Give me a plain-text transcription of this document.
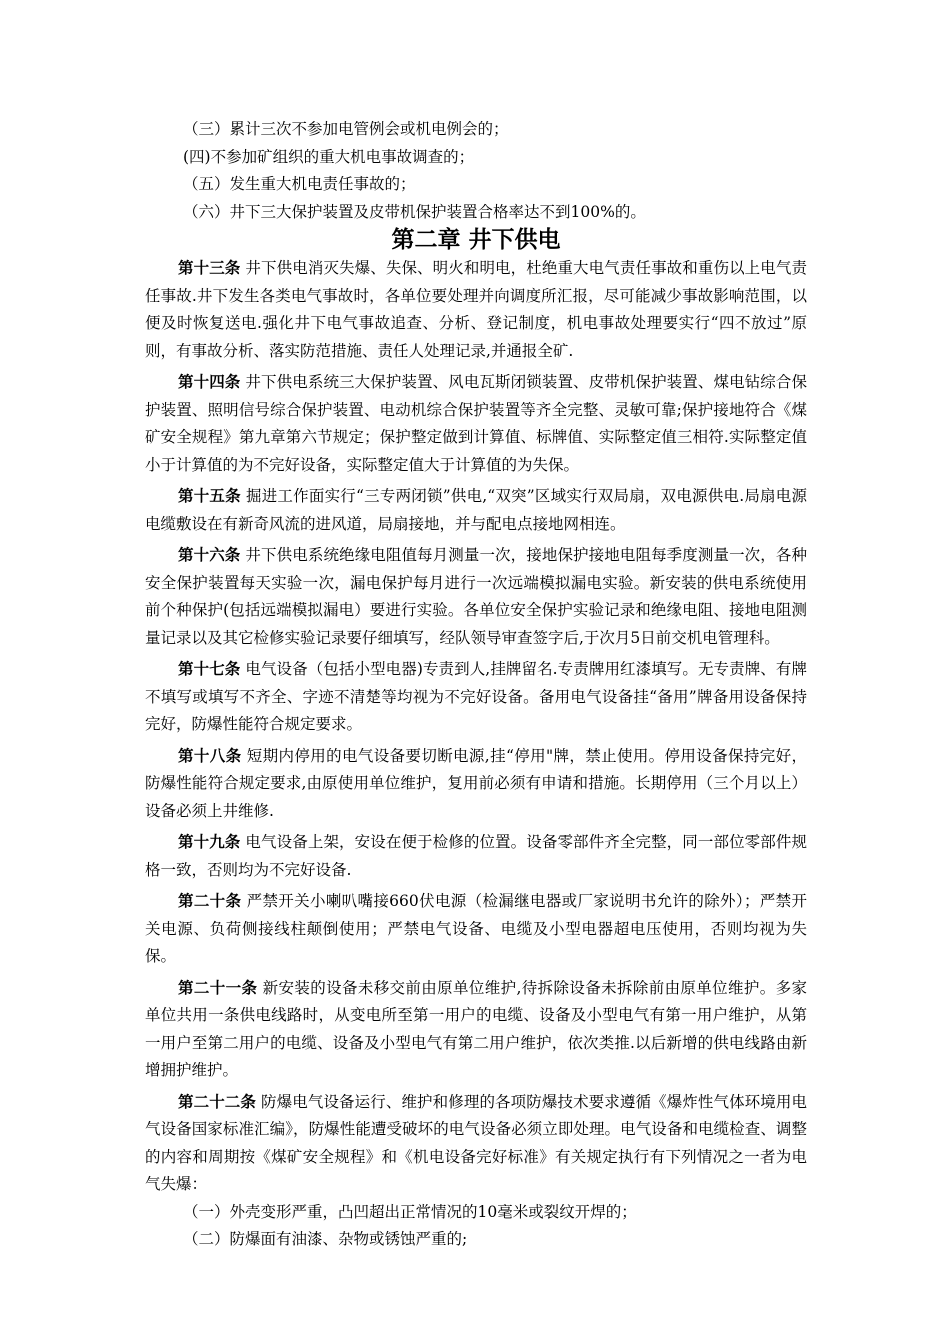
（三）累计三次不参加电管例会或机电例会的；

(四)不参加矿组织的重大机电事故调查的；

（五）发生重大机电责任事故的；

（六）井下三大保护装置及皮带机保护装置合格率达不到100%的。

第二章 井下供电

第十三条 井下供电消灭失爆、失保、明火和明电，杜绝重大电气责任事故和重伤以上电气责任事故.井下发生各类电气事故时，各单位要处理并向调度所汇报，尽可能减少事故影响范围，以便及时恢复送电.强化井下电气事故追查、分析、登记制度，机电事故处理要实行“四不放过”原则，有事故分析、落实防范措施、责任人处理记录,并通报全矿.

第十四条 井下供电系统三大保护装置、风电瓦斯闭锁装置、皮带机保护装置、煤电钻综合保护装置、照明信号综合保护装置、电动机综合保护装置等齐全完整、灵敏可靠;保护接地符合《煤矿安全规程》第九章第六节规定；保护整定做到计算值、标牌值、实际整定值三相符.实际整定值小于计算值的为不完好设备，实际整定值大于计算值的为失保。

第十五条 掘进工作面实行“三专两闭锁”供电,“双突”区域实行双局扇，双电源供电.局扇电源电缆敷设在有新奇风流的进风道，局扇接地，并与配电点接地网相连。

第十六条 井下供电系统绝缘电阻值每月测量一次，接地保护接地电阻每季度测量一次，各种安全保护装置每天实验一次，漏电保护每月进行一次远端模拟漏电实验。新安装的供电系统使用前个种保护(包括远端模拟漏电）要进行实验。各单位安全保护实验记录和绝缘电阻、接地电阻测量记录以及其它检修实验记录要仔细填写，经队领导审查签字后,于次月5日前交机电管理科。

第十七条 电气设备（包括小型电器)专责到人,挂牌留名.专责牌用红漆填写。无专责牌、有牌不填写或填写不齐全、字迹不清楚等均视为不完好设备。备用电气设备挂“备用”牌备用设备保持完好，防爆性能符合规定要求。

第十八条 短期内停用的电气设备要切断电源,挂“停用"牌，禁止使用。停用设备保持完好，防爆性能符合规定要求,由原使用单位维护，复用前必须有申请和措施。长期停用（三个月以上）设备必须上井维修.

第十九条 电气设备上架，安设在便于检修的位置。设备零部件齐全完整，同一部位零部件规格一致，否则均为不完好设备.

第二十条 严禁开关小喇叭嘴接660伏电源（检漏继电器或厂家说明书允许的除外）；严禁开关电源、负荷侧接线柱颠倒使用；严禁电气设备、电缆及小型电器超电压使用，否则均视为失保。

第二十一条 新安装的设备未移交前由原单位维护,待拆除设备未拆除前由原单位维护。多家单位共用一条供电线路时，从变电所至第一用户的电缆、设备及小型电气有第一用户维护，从第一用户至第二用户的电缆、设备及小型电气有第二用户维护，依次类推.以后新增的供电线路由新增拥护维护。

第二十二条 防爆电气设备运行、维护和修理的各项防爆技术要求遵循《爆炸性气体环境用电气设备国家标准汇编》，防爆性能遭受破坏的电气设备必须立即处理。电气设备和电缆检查、调整的内容和周期按《煤矿安全规程》和《机电设备完好标准》有关规定执行有下列情况之一者为电气失爆：

（一）外壳变形严重，凸凹超出正常情况的10毫米或裂纹开焊的；

（二）防爆面有油漆、杂物或锈蚀严重的;
